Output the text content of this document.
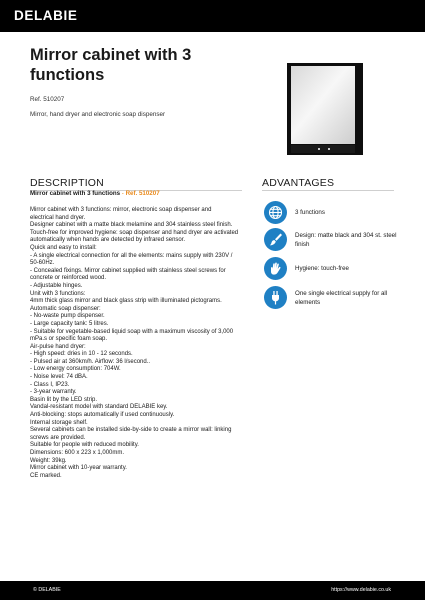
DELABIE
Mirror cabinet with 3
functions
Ref. 510207
Mirror, hand dryer and electronic soap dispenser
DESCRIPTION
Mirror cabinet with 3 functions - Ref. 510207
Mirror cabinet with 3 functions: mirror, electronic soap dispenser and
electrical hand dryer.
Designer cabinet with a matte black melamine and 304 stainless steel finish.
Touch-free for improved hygiene: soap dispenser and hand dryer are activated
automatically when hands are detected by infrared sensor.
Quick and easy to install:
- A single electrical connection for all the elements: mains supply with 230V /
50-60Hz.
- Concealed fixings. Mirror cabinet supplied with stainless steel screws for
concrete or reinforced wood.
- Adjustable hinges.
Unit with 3 functions:
4mm thick glass mirror and black glass strip with illuminated pictograms.
Automatic soap dispenser:
- No-waste pump dispenser.
- Large capacity tank: 5 litres.
- Suitable for vegetable-based liquid soap with a maximum viscosity of 3,000
mPa.s or specific foam soap.
Air-pulse hand dryer:
- High speed: dries in 10 - 12 seconds.
- Pulsed air at 360km/h. Airflow: 36 l/second..
- Low energy consumption: 704W.
- Noise level: 74 dBA.
- Class I, IP23.
- 3-year warranty.
Basin lit by the LED strip.
Vandal-resistant model with standard DELABIE key.
Anti-blocking: stops automatically if used continuously.
Internal storage shelf.
Several cabinets can be installed side-by-side to create a mirror wall: linking
screws are provided.
Suitable for people with reduced mobility.
Dimensions: 600 x 223 x 1,000mm.
Weight: 39kg.
Mirror cabinet with 10-year warranty.
CE marked.
ADVANTAGES
3 functions
Design: matte black and 304 st. steel
finish
Hygiene: touch-free
One single electrical supply for all
elements
© DELABIE	https://www.delabie.co.uk
